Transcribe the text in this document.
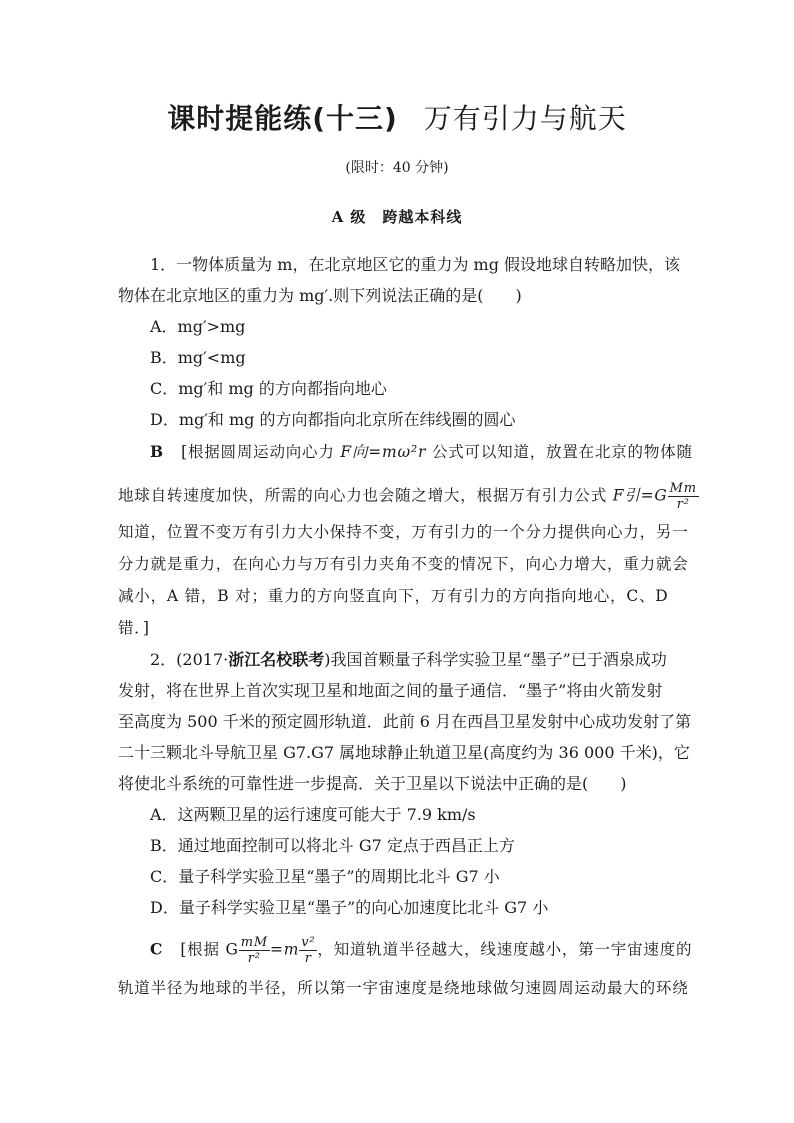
课时提能练(十三) 万有引力与航天
(限时：40 分钟)
A 级　跨越本科线
1．一物体质量为 m，在北京地区它的重力为 mg 假设地球自转略加快，该
物体在北京地区的重力为 mg′.则下列说法正确的是(　　)
A．mg′>mg
B．mg′<mg
C．mg′和 mg 的方向都指向地心
D．mg′和 mg 的方向都指向北京所在纬线圈的圆心
B [根据圆周运动向心力 F向=mω²r 公式可以知道，放置在北京的物体随
地球自转速度加快，所需的向心力也会随之增大，根据万有引力公式 F引$=G \frac{Mm}{\text{r²}}$
知道，位置不变万有引力大小保持不变，万有引力的一个分力提供向心力，另一
分力就是重力，在向心力与万有引力夹角不变的情况下，向心力增大，重力就会
减小，A 错，B 对；重力的方向竖直向下，万有引力的方向指向地心，C、D
错．]
2．(2017·浙江名校联考)我国首颗量子科学实验卫星“墨子”已于酒泉成功
发射，将在世界上首次实现卫星和地面之间的量子通信．“墨子”将由火箭发射
至高度为 500 千米的预定圆形轨道．此前 6 月在西昌卫星发射中心成功发射了第
二十三颗北斗导航卫星 G7.G7 属地球静止轨道卫星(高度约为 36 000 千米)，它
将使北斗系统的可靠性进一步提高．关于卫星以下说法中正确的是(　　)
A．这两颗卫星的运行速度可能大于 7.9 km/s
B．通过地面控制可以将北斗 G7 定点于西昌正上方
C．量子科学实验卫星“墨子”的周期比北斗 G7 小
D．量子科学实验卫星“墨子”的向心加速度比北斗 G7 小
C [根据 G $\frac{mM}{\text{r²}} =m \frac{\text{v²}}{r}$ ，知道轨道半径越大，线速度越小，第一宇宙速度的
轨道半径为地球的半径，所以第一宇宙速度是绕地球做匀速圆周运动最大的环绕
